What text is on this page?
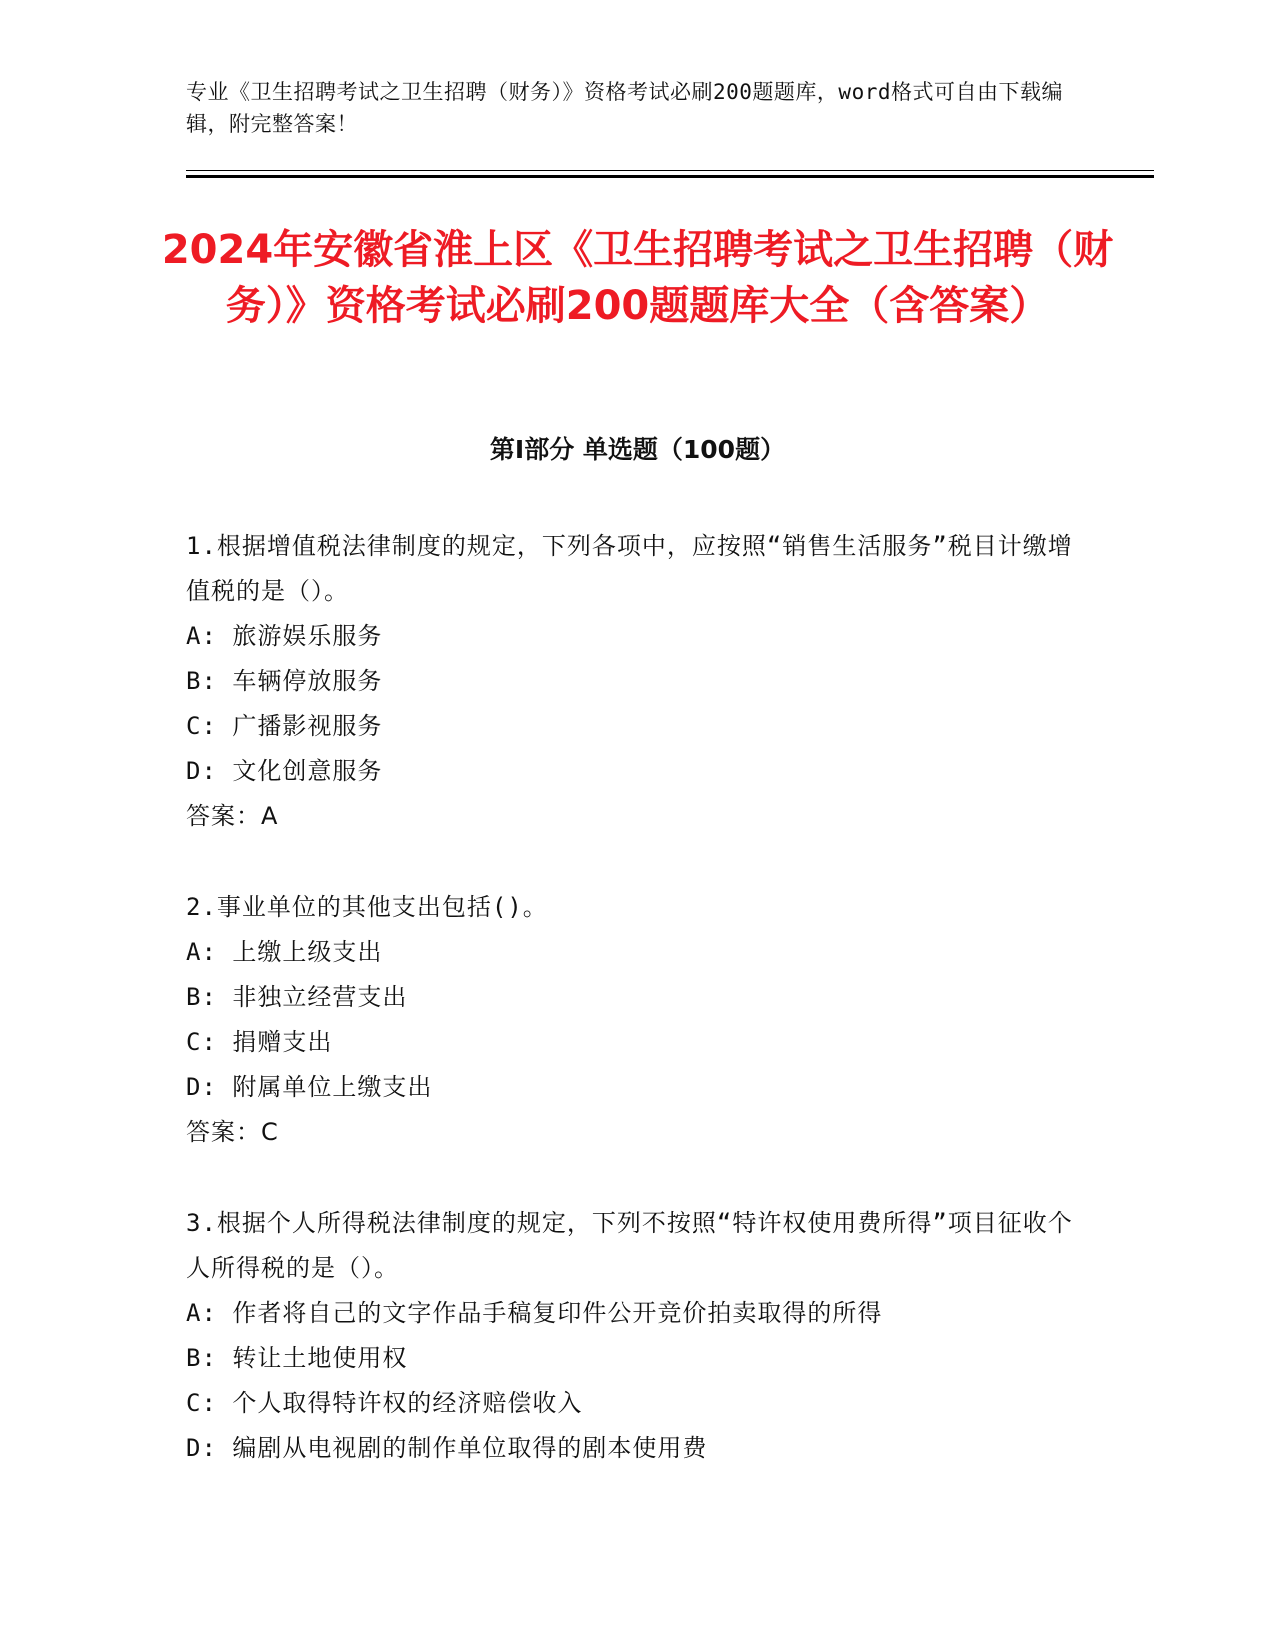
专业《卫生招聘考试之卫生招聘（财务）》资格考试必刷200题题库，word格式可自由下载编辑，附完整答案！
2024年安徽省淮上区《卫生招聘考试之卫生招聘（财务）》资格考试必刷200题题库大全（含答案）
第I部分 单选题（100题）
1.根据增值税法律制度的规定，下列各项中，应按照“销售生活服务”税目计缴增值税的是（）。
A: 旅游娱乐服务
B: 车辆停放服务
C: 广播影视服务
D: 文化创意服务
答案：A
2.事业单位的其他支出包括()。
A: 上缴上级支出
B: 非独立经营支出
C: 捐赠支出
D: 附属单位上缴支出
答案：C
3.根据个人所得税法律制度的规定，下列不按照“特许权使用费所得”项目征收个人所得税的是（）。
A: 作者将自己的文字作品手稿复印件公开竞价拍卖取得的所得
B: 转让土地使用权
C: 个人取得特许权的经济赔偿收入
D: 编剧从电视剧的制作单位取得的剧本使用费
